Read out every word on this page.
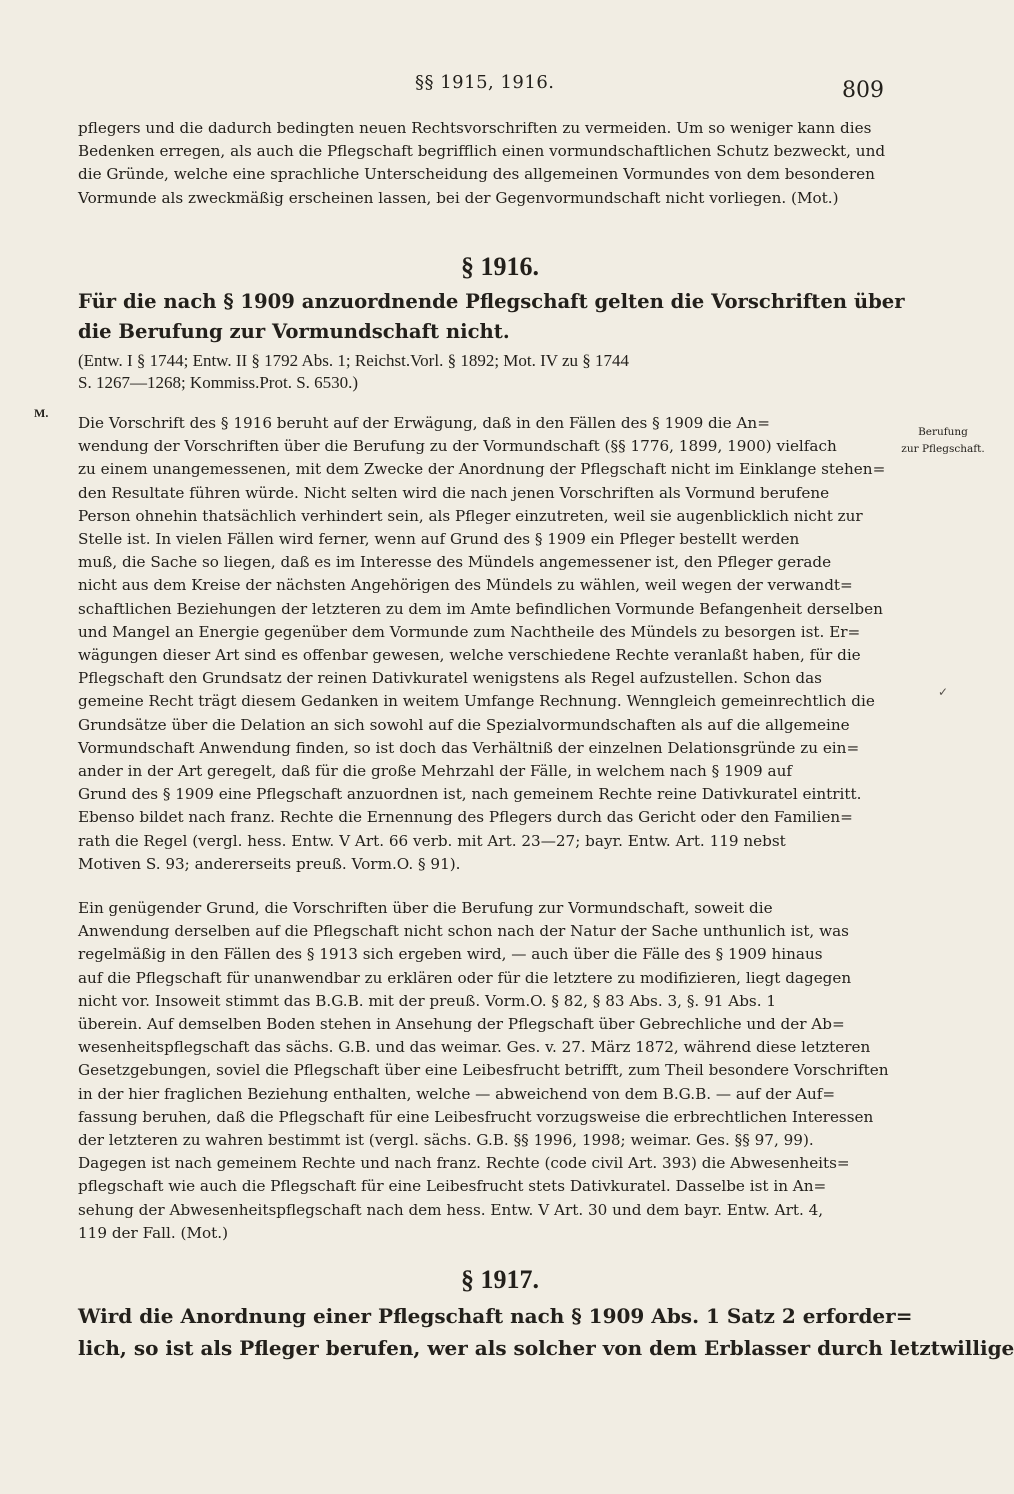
§§ 1915, 1916.	809
pflegers und die dadurch bedingten neuen Rechtsvorschriften zu vermeiden. Um so weniger kann dies
Bedenken erregen, als auch die Pflegschaft begrifflich einen vormundschaftlichen Schutz bezweckt, und
die Gründe, welche eine sprachliche Unterscheidung des allgemeinen Vormundes von dem besonderen
Vormunde als zweckmäßig erscheinen lassen, bei der Gegenvormundschaft nicht vorliegen. (Mot.)
§ 1916.
Für die nach § 1909 anzuordnende Pflegschaft gelten die Vorschriften über
die Berufung zur Vormundschaft nicht.
(Entw. I § 1744; Entw. II § 1792 Abs. 1; Reichst.Vorl. § 1892; Mot. IV zu § 1744
S. 1267—1268; Kommiss.Prot. S. 6530.)
M.
Berufung
zur Pflegschaft.
✓
Die Vorschrift des § 1916 beruht auf der Erwägung, daß in den Fällen des § 1909 die An=
wendung der Vorschriften über die Berufung zu der Vormundschaft (§§ 1776, 1899, 1900) vielfach
zu einem unangemessenen, mit dem Zwecke der Anordnung der Pflegschaft nicht im Einklange stehen=
den Resultate führen würde. Nicht selten wird die nach jenen Vorschriften als Vormund berufene
Person ohnehin thatsächlich verhindert sein, als Pfleger einzutreten, weil sie augenblicklich nicht zur
Stelle ist. In vielen Fällen wird ferner, wenn auf Grund des § 1909 ein Pfleger bestellt werden
muß, die Sache so liegen, daß es im Interesse des Mündels angemessener ist, den Pfleger gerade
nicht aus dem Kreise der nächsten Angehörigen des Mündels zu wählen, weil wegen der verwandt=
schaftlichen Beziehungen der letzteren zu dem im Amte befindlichen Vormunde Befangenheit derselben
und Mangel an Energie gegenüber dem Vormunde zum Nachtheile des Mündels zu besorgen ist. Er=
wägungen dieser Art sind es offenbar gewesen, welche verschiedene Rechte veranlaßt haben, für die
Pflegschaft den Grundsatz der reinen Dativkuratel wenigstens als Regel aufzustellen. Schon das
gemeine Recht trägt diesem Gedanken in weitem Umfange Rechnung. Wenngleich gemeinrechtlich die
Grundsätze über die Delation an sich sowohl auf die Spezialvormundschaften als auf die allgemeine
Vormundschaft Anwendung finden, so ist doch das Verhältniß der einzelnen Delationsgründe zu ein=
ander in der Art geregelt, daß für die große Mehrzahl der Fälle, in welchem nach § 1909 auf
Grund des § 1909 eine Pflegschaft anzuordnen ist, nach gemeinem Rechte reine Dativkuratel eintritt.
Ebenso bildet nach franz. Rechte die Ernennung des Pflegers durch das Gericht oder den Familien=
rath die Regel (vergl. hess. Entw. V Art. 66 verb. mit Art. 23—27; bayr. Entw. Art. 119 nebst
Motiven S. 93; andererseits preuß. Vorm.O. § 91).
Ein genügender Grund, die Vorschriften über die Berufung zur Vormundschaft, soweit die
Anwendung derselben auf die Pflegschaft nicht schon nach der Natur der Sache unthunlich ist, was
regelmäßig in den Fällen des § 1913 sich ergeben wird, — auch über die Fälle des § 1909 hinaus
auf die Pflegschaft für unanwendbar zu erklären oder für die letztere zu modifizieren, liegt dagegen
nicht vor. Insoweit stimmt das B.G.B. mit der preuß. Vorm.O. § 82, § 83 Abs. 3, §. 91 Abs. 1
überein. Auf demselben Boden stehen in Ansehung der Pflegschaft über Gebrechliche und der Ab=
wesenheitspflegschaft das sächs. G.B. und das weimar. Ges. v. 27. März 1872, während diese letzteren
Gesetzgebungen, soviel die Pflegschaft über eine Leibesfrucht betrifft, zum Theil besondere Vorschriften
in der hier fraglichen Beziehung enthalten, welche — abweichend von dem B.G.B. — auf der Auf=
fassung beruhen, daß die Pflegschaft für eine Leibesfrucht vorzugsweise die erbrechtlichen Interessen
der letzteren zu wahren bestimmt ist (vergl. sächs. G.B. §§ 1996, 1998; weimar. Ges. §§ 97, 99).
Dagegen ist nach gemeinem Rechte und nach franz. Rechte (code civil Art. 393) die Abwesenheits=
pflegschaft wie auch die Pflegschaft für eine Leibesfrucht stets Dativkuratel. Dasselbe ist in An=
sehung der Abwesenheitspflegschaft nach dem hess. Entw. V Art. 30 und dem bayr. Entw. Art. 4,
119 der Fall. (Mot.)
§ 1917.
Wird die Anordnung einer Pflegschaft nach § 1909 Abs. 1 Satz 2 erforder=
lich, so ist als Pfleger berufen, wer als solcher von dem Erblasser durch letztwillige
